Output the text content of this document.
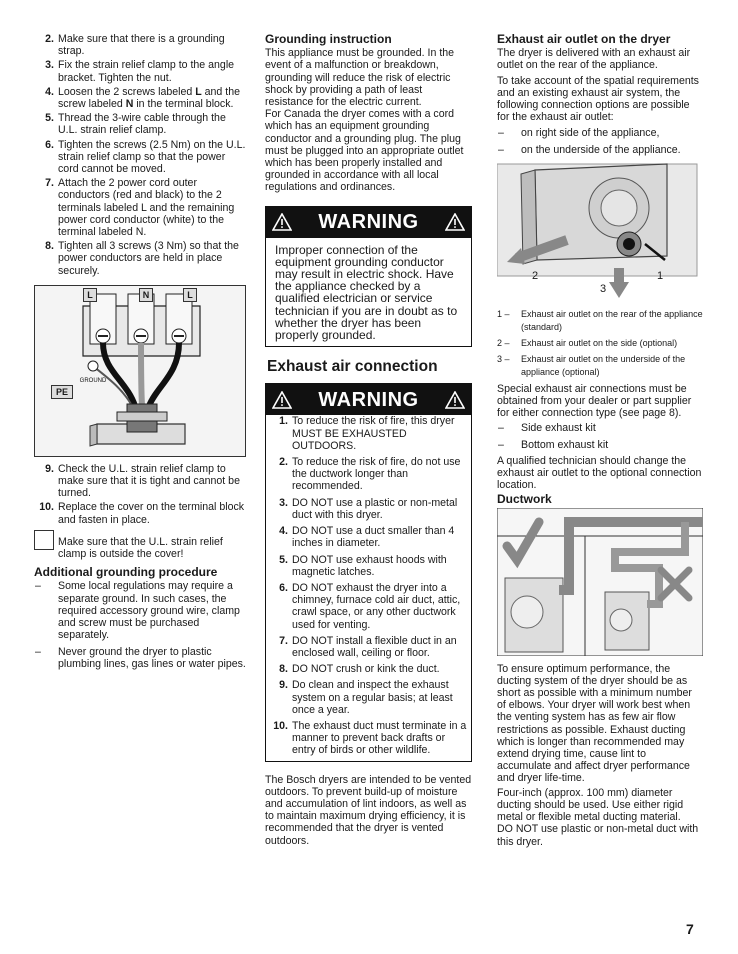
2. Make sure that there is a grounding strap.
3. Fix the strain relief clamp to the angle bracket. Tighten the nut.
4. Loosen the 2 screws labeled L and the screw labeled N in the terminal block.
5. Thread the 3-wire cable through the U.L. strain relief clamp.
6. Tighten the screws (2.5 Nm) on the U.L. strain relief clamp so that the power cord cannot be moved.
7. Attach the 2 power cord outer conductors (red and black) to the 2 terminals labeled L and the remaining power cord conductor (white) to the terminal labeled N.
8. Tighten all 3 screws (3 Nm) so that the power conductors are held in place securely.
GROUND
L	N	L
PE
9. Check the U.L. strain relief clamp to make sure that it is tight and cannot be turned.
10. Replace the cover on the terminal block and fasten in place.
Make sure that the U.L. strain relief clamp is outside the cover!
Additional grounding procedure
– Some local regulations may require a separate ground. In such cases, the required accessory ground wire, clamp and screw must be purchased separately.
– Never ground the dryer to plastic plumbing lines, gas lines or water pipes.
Grounding instruction
This appliance must be grounded. In the event of a malfunction or breakdown, grounding will reduce the risk of electric shock by providing a path of least resistance for the electric current.
For Canada the dryer comes with a cord which has an equipment grounding conductor and a grounding plug. The plug must be plugged into an appropriate outlet which has been properly installed and grounded in accordance with all local regulations and ordinances.
WARNING
Improper connection of the equipment grounding conductor may result in electric shock. Have the appliance checked by a qualified electrician or service technician if you are in doubt as to whether the dryer has been properly grounded.
Exhaust air connection
WARNING
1. To reduce the risk of fire, this dryer MUST BE EXHAUSTED OUTDOORS.
2. To reduce the risk of fire, do not use the ductwork longer than recommended.
3. DO NOT use a plastic or non-metal duct with this dryer.
4. DO NOT use a duct smaller than 4 inches in diameter.
5. DO NOT use exhaust hoods with magnetic latches.
6. DO NOT exhaust the dryer into a chimney, furnace cold air duct, attic, crawl space, or any other ductwork used for venting.
7. DO NOT install a flexible duct in an enclosed wall, ceiling or floor.
8. DO NOT crush or kink the duct.
9. Do clean and inspect the exhaust system on a regular basis; at least once a year.
10. The exhaust duct must terminate in a manner to prevent back drafts or entry of birds or other wildlife.
The Bosch dryers are intended to be vented outdoors. To prevent build-up of moisture and accumulation of lint indoors, as well as to maintain maximum drying efficiency, it is recommended that the dryer is vented outdoors.
Exhaust air outlet on the dryer
The dryer is delivered with an exhaust air outlet on the rear of the appliance.
To take account of the spatial requirements and an existing exhaust air system, the following connection options are possible for the exhaust air outlet:
– on right side of the appliance,
– on the underside of the appliance.
2	1
3
1 – Exhaust air outlet on the rear of the appliance (standard)
2 – Exhaust air outlet on the side (optional)
3 – Exhaust air outlet on the underside of the appliance (optional)
Special exhaust air connections must be obtained from your dealer or part supplier for either connection type (see page 8).
– Side exhaust kit
– Bottom exhaust kit
A qualified technician should change the exhaust air outlet to the optional connection location.
Ductwork
To ensure optimum performance, the ducting system of the dryer should be as short as possible with a minimum number of elbows. Your dryer will work best when the venting system has as few air flow restrictions as possible. Exhaust ducting which is longer than recommended may extend drying time, cause lint to accumulate and affect dryer performance and dryer life-time.
Four-inch (approx. 100 mm) diameter ducting should be used. Use either rigid metal or flexible metal ducting material.
DO NOT use plastic or non-metal duct with this dryer.
7
